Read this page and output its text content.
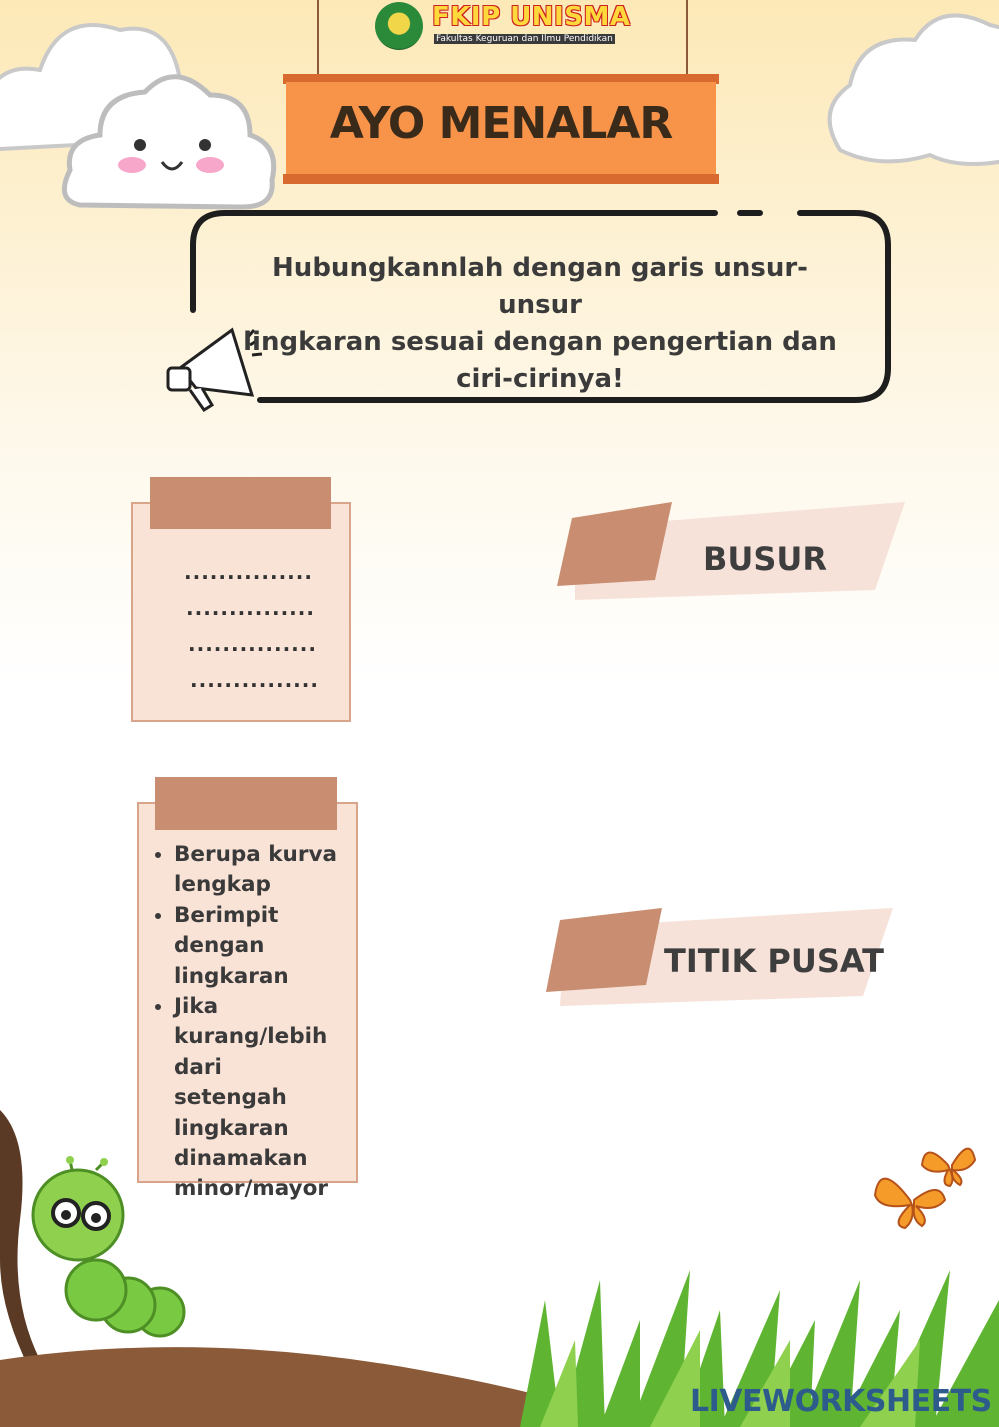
FKIP UNISMA
Fakultas Keguruan dan Ilmu Pendidikan
AYO MENALAR
Hubungkannlah dengan garis unsur-unsur
lingkaran sesuai dengan pengertian dan
ciri-cirinya!
...............
...............
...............
...............
• Berupa kurva lengkap
• Berimpit dengan lingkaran
• Jika kurang/lebih dari setengah lingkaran dinamakan minor/mayor
BUSUR
TITIK PUSAT
LIVEWORKSHEETS
